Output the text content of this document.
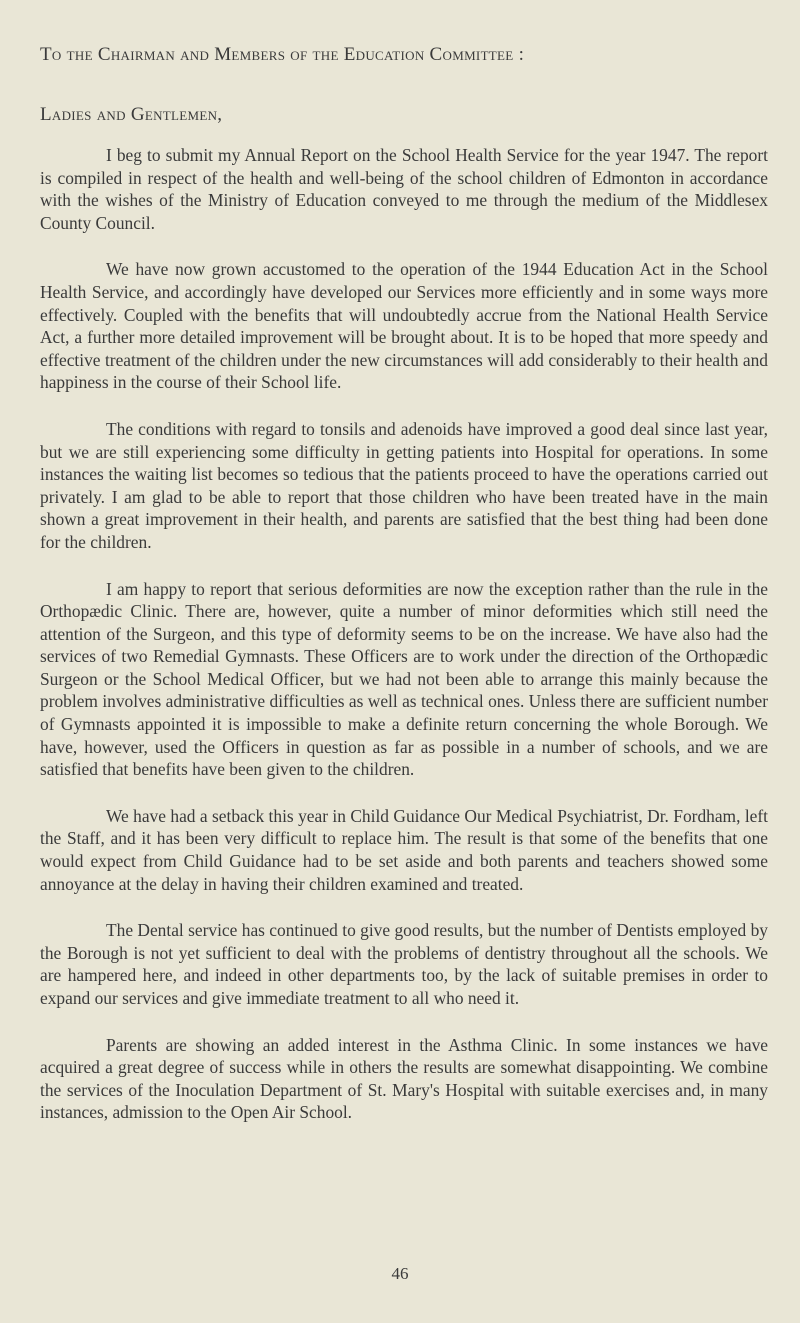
To the Chairman and Members of the Education Committee :
Ladies and Gentlemen,

I beg to submit my Annual Report on the School Health Service for the year 1947. The report is compiled in respect of the health and well-being of the school children of Edmonton in accordance with the wishes of the Ministry of Education conveyed to me through the medium of the Middlesex County Council.

We have now grown accustomed to the operation of the 1944 Education Act in the School Health Service, and accordingly have developed our Services more efficiently and in some ways more effectively. Coupled with the benefits that will undoubtedly accrue from the National Health Service Act, a further more detailed improvement will be brought about. It is to be hoped that more speedy and effective treatment of the children under the new circumstances will add considerably to their health and happiness in the course of their School life.

The conditions with regard to tonsils and adenoids have improved a good deal since last year, but we are still experiencing some difficulty in getting patients into Hospital for operations. In some instances the waiting list becomes so tedious that the patients proceed to have the operations carried out privately. I am glad to be able to report that those children who have been treated have in the main shown a great improvement in their health, and parents are satisfied that the best thing had been done for the children.

I am happy to report that serious deformities are now the exception rather than the rule in the Orthopædic Clinic. There are, however, quite a number of minor deformities which still need the attention of the Surgeon, and this type of deformity seems to be on the increase. We have also had the services of two Remedial Gymnasts. These Officers are to work under the direction of the Orthopædic Surgeon or the School Medical Officer, but we had not been able to arrange this mainly because the problem involves administrative difficulties as well as technical ones. Unless there are sufficient number of Gymnasts appointed it is impossible to make a definite return concerning the whole Borough. We have, however, used the Officers in question as far as possible in a number of schools, and we are satisfied that benefits have been given to the children.

We have had a setback this year in Child Guidance Our Medical Psychiatrist, Dr. Fordham, left the Staff, and it has been very difficult to replace him. The result is that some of the benefits that one would expect from Child Guidance had to be set aside and both parents and teachers showed some annoyance at the delay in having their children examined and treated.

The Dental service has continued to give good results, but the number of Dentists employed by the Borough is not yet sufficient to deal with the problems of dentistry throughout all the schools. We are hampered here, and indeed in other departments too, by the lack of suitable premises in order to expand our services and give immediate treatment to all who need it.

Parents are showing an added interest in the Asthma Clinic. In some instances we have acquired a great degree of success while in others the results are somewhat disappointing. We combine the services of the Inoculation Department of St. Mary's Hospital with suitable exercises and, in many instances, admission to the Open Air School.

46
